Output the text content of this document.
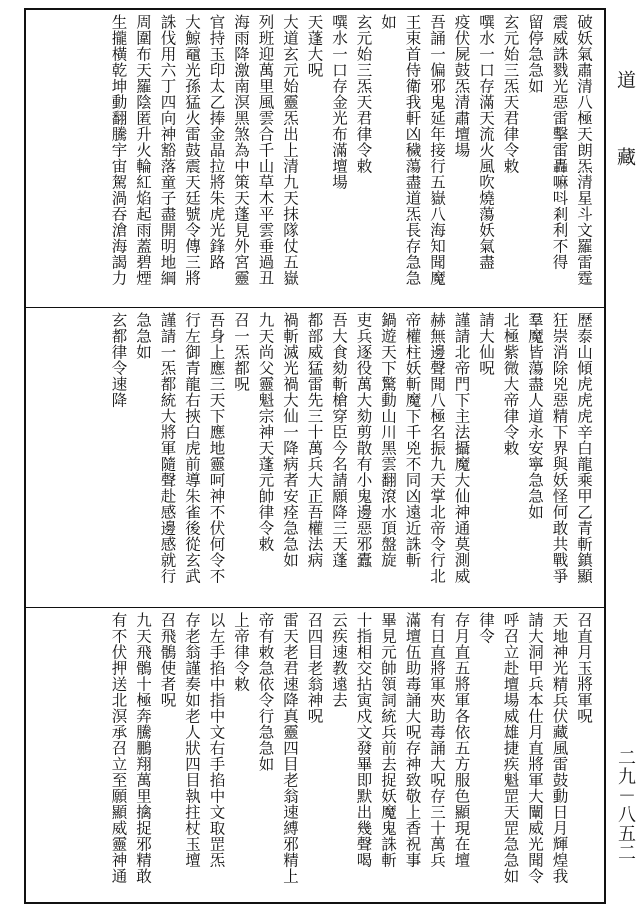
道 藏
二九－八五二
破妖氣肅清八極天朗炁清星斗文羅雷霆
震威誅戮光惡雷擊雷轟嘛呌剎利不得
留停急急如
玄元始三炁天君律令敕
噀水一口存滿天流火風吹燒蕩妖氣盡
疫伏屍鼓炁清肅壇場
吾誦一偏邪鬼延年接行五嶽八海知聞魔
王束首侍衛我軒凶穢蕩盡道炁長存急急
如
玄元始三炁天君律令敕
噀水一口存金光布滿壇場
天蓬大呪
大道玄元始靈炁出上清九天抹隊仗五嶽
列班迎萬里風雲合千山草木平雲垂過丑
海雨降激南溟黑煞為中策天蓬見外宮靈
官持玉印太乙捧金晶拉將朱虎光鋒路
大鯨黿光孫猛火雷鼓震天廷號令傳三將
誅伐用六丁四向神豁落童子盡開明地綱
周圍布天羅陰匿升火輪紅焰起雨蓋碧煙
生攏橫乾坤動翻騰宇宙駕渦吞滄海謁力
歷泰山傾虎虎虎辛白龍乘甲乙青斬鎮顯
狂崇消除兇惡精下界與妖怪何敢共戰爭
羣魔皆蕩盡人道永安寧急急如
北極紫微大帝律令敕
請大仙呪
謹請北帝門下主法攝魔大仙神通莫測威
赫無邊聲聞八極名振九天掌北帝令行北
帝權柱妖斬魔下千兇不同凶遠近誅斬
鍋遊天下驚動山川黑雲翻滾水頂盤旋
吏兵逐役萬大劾剪散有小鬼邊惡邪蠹
吾大食劾斬槍穿臣今名請願降三天蓬
都部威猛雷先三十萬兵大正吾權法病
禍斬滅光禍大仙一降病者安痊急急如
九天尚父靈魁宗神天蓬元帥律令敕
召一炁都呪
吾身上應三天下應地靈呵神不伏何令不
行左御青龍右挾白虎前導朱雀後從玄武
謹請一炁都統大將軍隨聲赴感邊感就行
急急如
玄都律令速降
召直月玉將軍呪
天地神光精兵伏藏風雷鼓動日月輝煌我
請大洞甲兵本仕月直將軍大闡威光聞令
呼召立赴壇場威雄捷疾魁罡天罡急急如
律令
存月直五將軍各依五方服色顯現在壇
有日直將軍夾助毒誦大呪存三十萬兵
滿壇伍助毒誦大呪存神致敬上香祝事
畢見元帥領詞統兵前去捉妖魔鬼誅斬
十指相交拈寅戍文發畢即默出幾聲喝
云疾速教遠去
召四目老翁神呪
雷天老君速降真靈四目老翁速縛邪精上
帝有敕急依令行急急如
上帝律令敕
以左手掐中指中文右手掐中文取罡炁
存老翁謹奏如老人狀四目執拄杖玉壇
召飛鶻使者呪
九天飛鶻十極奔騰鵬翔萬里擒捉邪精敢
有不伏押送北溟承召立至願顯威靈神通
